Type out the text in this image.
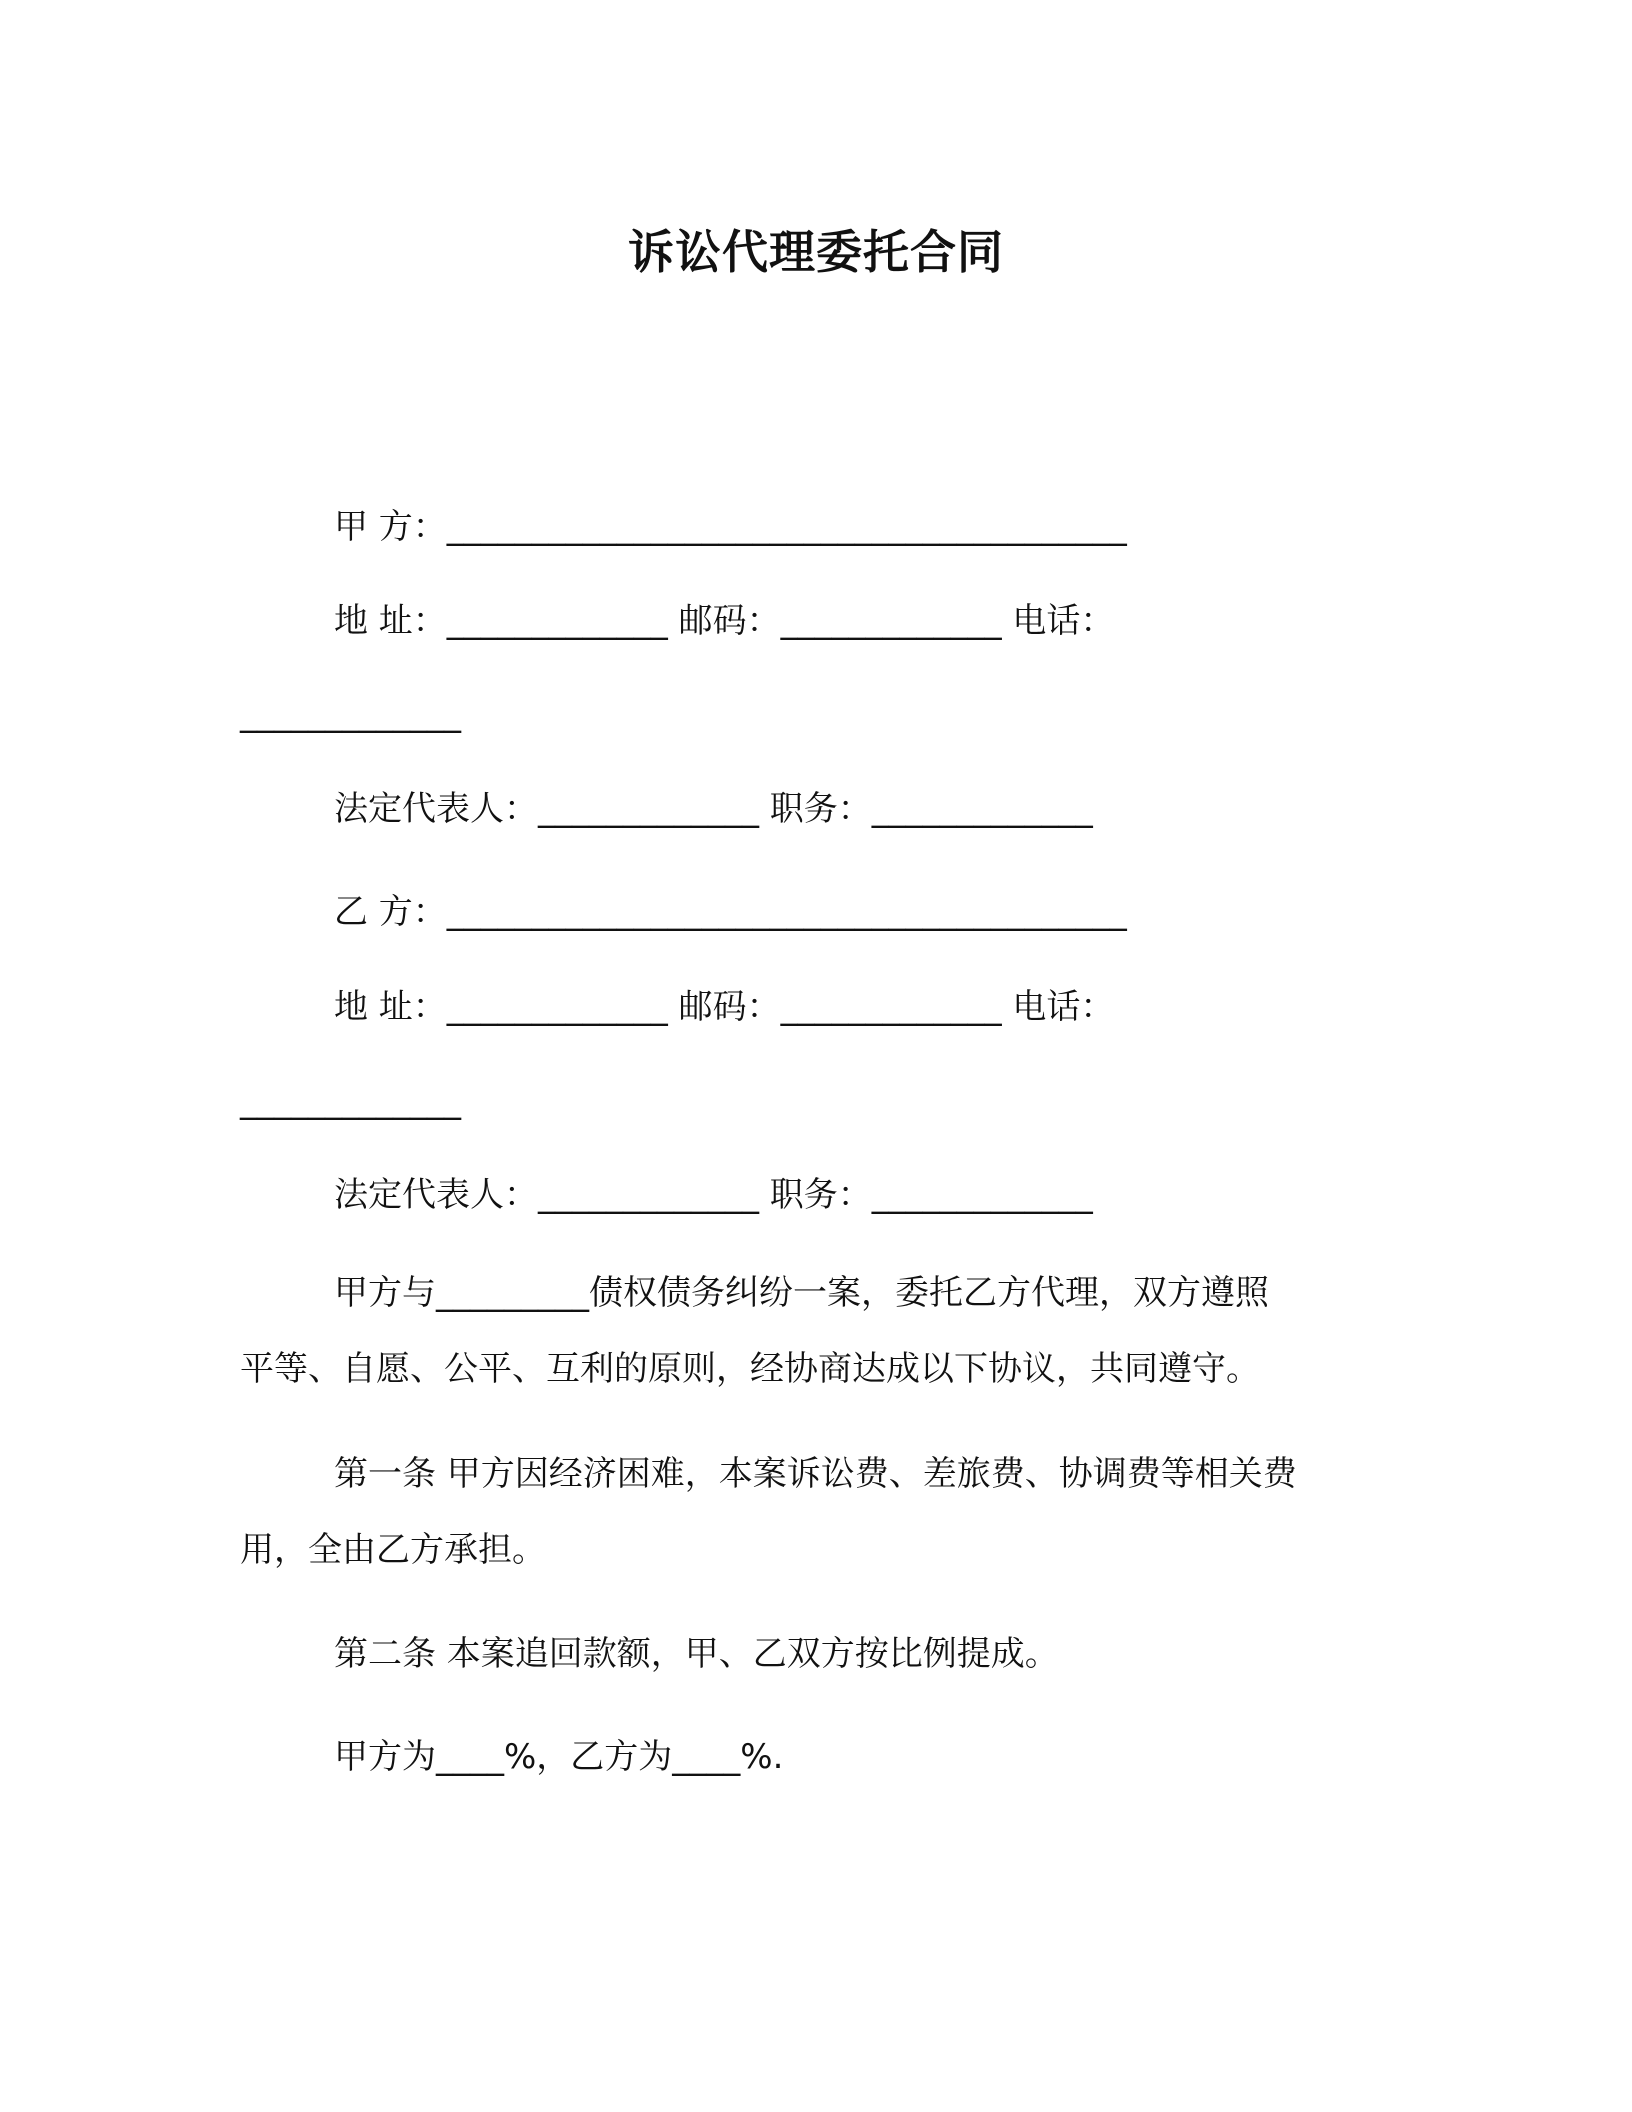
诉讼代理委托合同
甲 方：________________________________________
地 址：_____________ 邮码：_____________ 电话：
_____________
法定代表人：_____________ 职务：_____________
乙 方：________________________________________
地 址：_____________ 邮码：_____________ 电话：
_____________
法定代表人：_____________ 职务：_____________
甲方与_________债权债务纠纷一案，委托乙方代理，双方遵照
平等、自愿、公平、互利的原则，经协商达成以下协议，共同遵守。
第一条 甲方因经济困难，本案诉讼费、差旅费、协调费等相关费
用，全由乙方承担。
第二条 本案追回款额，甲、乙双方按比例提成。
甲方为____%，乙方为____%.
